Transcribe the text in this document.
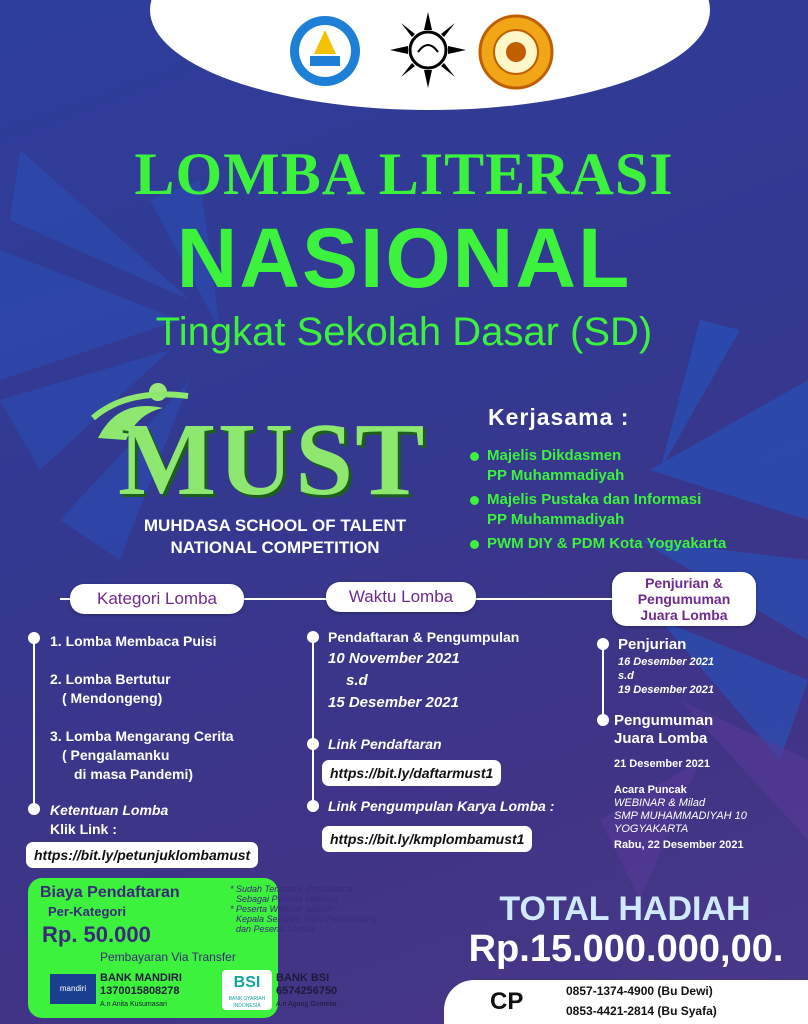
LOMBA LITERASI
NASIONAL
Tingkat Sekolah Dasar (SD)
MUST
MUHDASA SCHOOL OF TALENT
NATIONAL COMPETITION
Kerjasama :
Majelis Dikdasmen
PP Muhammadiyah
Majelis Pustaka dan Informasi
PP Muhammadiyah
PWM DIY & PDM Kota Yogyakarta
Kategori Lomba	Waktu Lomba
Penjurian &
Pengumuman
Juara Lomba
1. Lomba Membaca Puisi
2. Lomba Bertutur
( Mendongeng)
3. Lomba Mengarang Cerita
( Pengalamanku
di masa Pandemi)
Ketentuan Lomba
Klik Link :
https://bit.ly/petunjuklombamust
Pendaftaran & Pengumpulan
10 November 2021
s.d
15 Desember 2021
Link Pendaftaran
https://bit.ly/daftarmust1
Link Pengumpulan Karya Lomba :
https://bit.ly/kmplombamust1
Penjurian
16 Desember 2021
s.d
19 Desember 2021
Pengumuman
Juara Lomba
21 Desember 2021
Acara Puncak
WEBINAR & Milad
SMP MUHAMMADIYAH 10
YOGYAKARTA
Rabu, 22 Desember 2021
Biaya Pendaftaran
Per-Kategori
Rp. 50.000
* Sudah Termasuk Pendaftaran
Sebagai Peserta Webinar
* Peserta Webinar adalah
Kepala Sekolah, Guru Pembimbing,
dan Peserta Lomba
Pembayaran Via Transfer
mandiri
BANK MANDIRI
1370015808278
A.n Anita Kusumasari
BSI
BANK SYARIAH INDONESIA
BANK BSI
6574256750
A.n Agung Gomelar
TOTAL HADIAH
Rp.15.000.000,00.
CP	0857-1374-4900 (Bu Dewi)
0853-4421-2814 (Bu Syafa)
